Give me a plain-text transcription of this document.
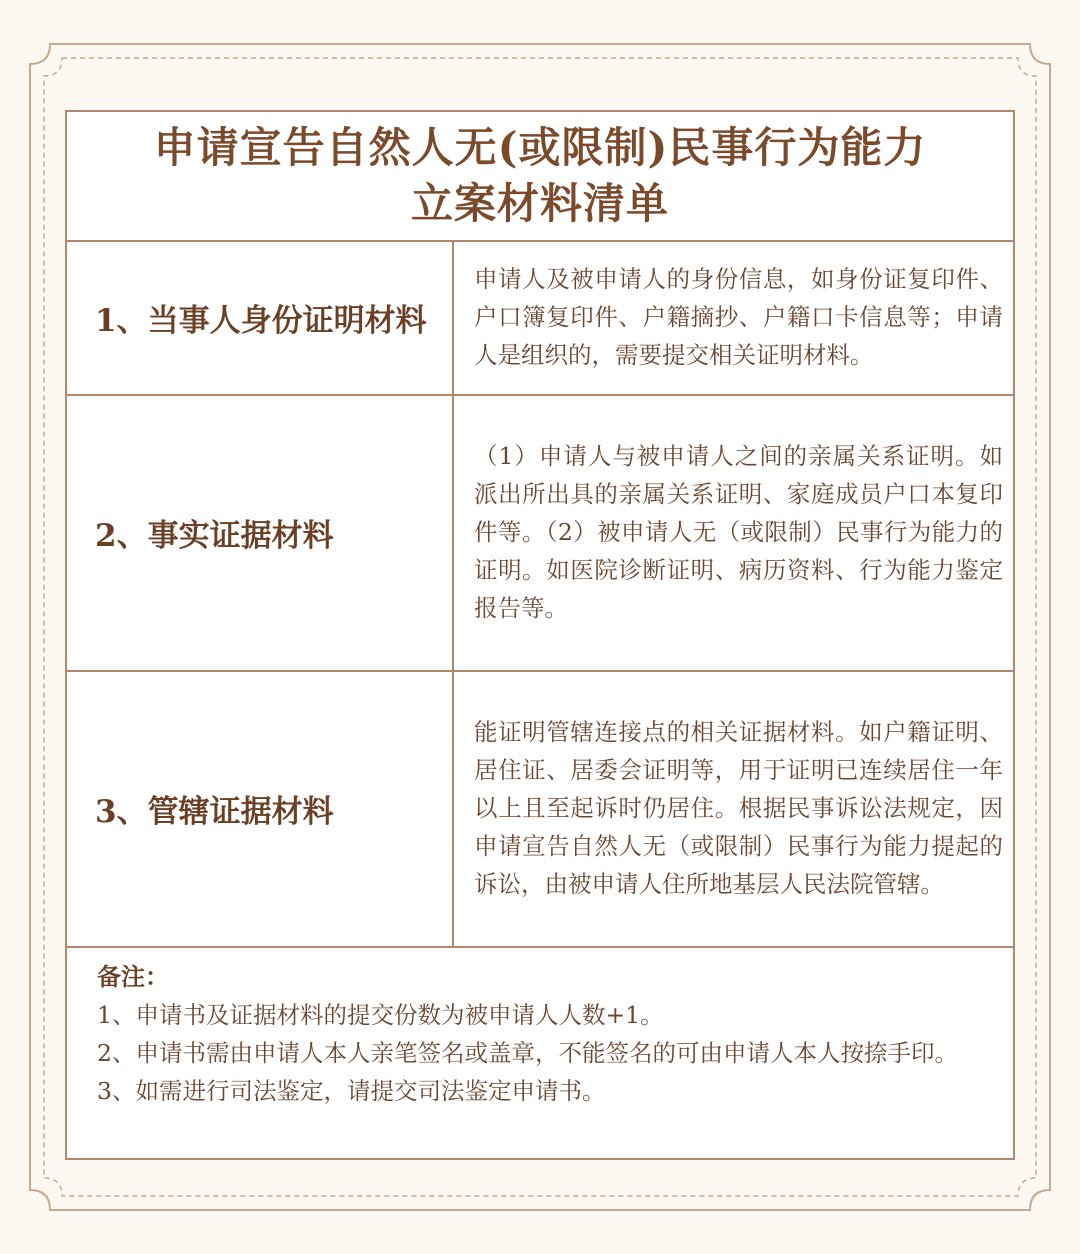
申请宣告自然人无(或限制)民事行为能力
立案材料清单
1、当事人身份证明材料

申请人及被申请人的身份信息，如身份证复印件、户口簿复印件、户籍摘抄、户籍口卡信息等；申请人是组织的，需要提交相关证明材料。

2、事实证据材料

（1）申请人与被申请人之间的亲属关系证明。如派出所出具的亲属关系证明、家庭成员户口本复印件等。（2）被申请人无（或限制）民事行为能力的证明。如医院诊断证明、病历资料、行为能力鉴定报告等。

3、管辖证据材料

能证明管辖连接点的相关证据材料。如户籍证明、居住证、居委会证明等，用于证明已连续居住一年以上且至起诉时仍居住。根据民事诉讼法规定，因申请宣告自然人无（或限制）民事行为能力提起的诉讼，由被申请人住所地基层人民法院管辖。

备注：

1、申请书及证据材料的提交份数为被申请人人数+1。

2、申请书需由申请人本人亲笔签名或盖章，不能签名的可由申请人本人按捺手印。

3、如需进行司法鉴定，请提交司法鉴定申请书。
